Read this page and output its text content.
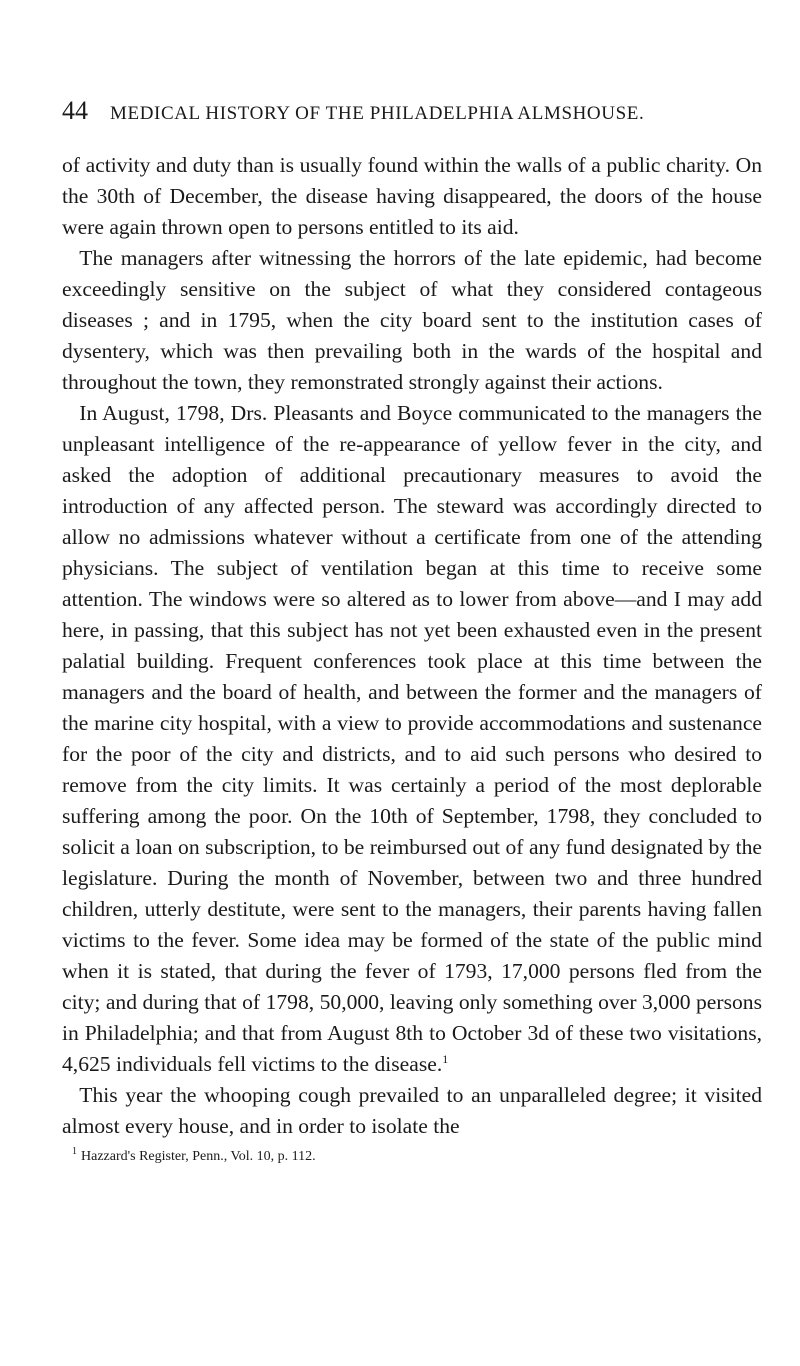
44 MEDICAL HISTORY OF THE PHILADELPHIA ALMSHOUSE.

of activity and duty than is usually found within the walls of a public charity. On the 30th of December, the disease having disappeared, the doors of the house were again thrown open to persons entitled to its aid.

The managers after witnessing the horrors of the late epidemic, had become exceedingly sensitive on the subject of what they considered contageous diseases ; and in 1795, when the city board sent to the institution cases of dysentery, which was then prevailing both in the wards of the hospital and throughout the town, they remonstrated strongly against their actions.

In August, 1798, Drs. Pleasants and Boyce communicated to the managers the unpleasant intelligence of the re-appearance of yellow fever in the city, and asked the adoption of additional precautionary measures to avoid the introduction of any affected person. The steward was accordingly directed to allow no admissions whatever without a certificate from one of the attending physicians. The subject of ventilation began at this time to receive some attention. The windows were so altered as to lower from above—and I may add here, in passing, that this subject has not yet been exhausted even in the present palatial building. Frequent conferences took place at this time between the managers and the board of health, and between the former and the managers of the marine city hospital, with a view to provide accommodations and sustenance for the poor of the city and districts, and to aid such persons who desired to remove from the city limits. It was certainly a period of the most deplorable suffering among the poor. On the 10th of September, 1798, they concluded to solicit a loan on subscription, to be reimbursed out of any fund designated by the legislature. During the month of November, between two and three hundred children, utterly destitute, were sent to the managers, their parents having fallen victims to the fever. Some idea may be formed of the state of the public mind when it is stated, that during the fever of 1793, 17,000 persons fled from the city; and during that of 1798, 50,000, leaving only something over 3,000 persons in Philadelphia; and that from August 8th to October 3d of these two visitations, 4,625 individuals fell victims to the disease.$^1$

This year the whooping cough prevailed to an unparalleled degree; it visited almost every house, and in order to isolate the

$^1$ Hazzard's Register, Penn., Vol. 10, p. 112.
